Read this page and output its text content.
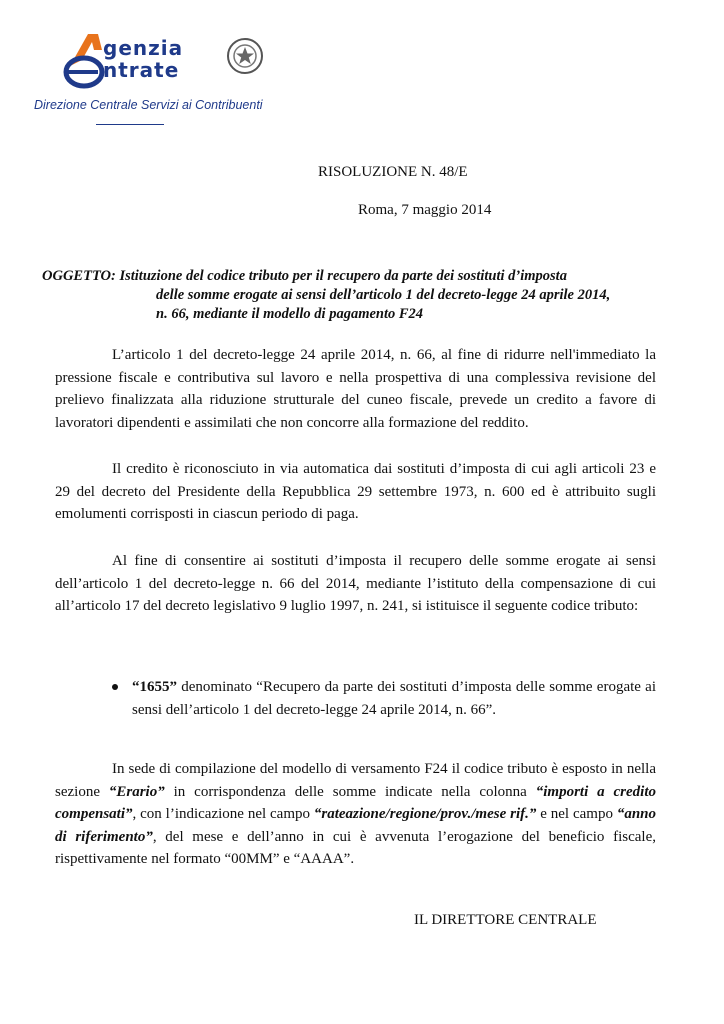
genzia
ntrate
Direzione Centrale Servizi ai Contribuenti
RISOLUZIONE N. 48/E
Roma, 7 maggio 2014
OGGETTO: Istituzione del codice tributo per il recupero da parte dei sostituti d’imposta
delle somme erogate ai sensi dell’articolo 1 del decreto-legge 24 aprile 2014,
n. 66, mediante il modello di pagamento F24
L’articolo 1 del decreto-legge 24 aprile 2014, n. 66, al fine di ridurre nell'immediato la pressione fiscale e contributiva sul lavoro e nella prospettiva di una complessiva revisione del prelievo finalizzata alla riduzione strutturale del cuneo fiscale, prevede un credito a favore di lavoratori dipendenti e assimilati che non concorre alla formazione del reddito.
Il credito è riconosciuto in via automatica dai sostituti d’imposta di cui agli articoli 23 e 29 del decreto del Presidente della Repubblica 29 settembre 1973, n. 600 ed è attribuito sugli emolumenti corrisposti in ciascun periodo di paga.
Al fine di consentire ai sostituti d’imposta il recupero delle somme erogate ai sensi dell’articolo 1 del decreto-legge n. 66 del 2014, mediante l’istituto della compensazione di cui all’articolo 17 del decreto legislativo 9 luglio 1997, n. 241, si istituisce il seguente codice tributo:
“1655” denominato “Recupero da parte dei sostituti d’imposta delle somme erogate ai sensi dell’articolo 1 del decreto-legge 24 aprile 2014, n. 66”.
In sede di compilazione del modello di versamento F24 il codice tributo è esposto in nella sezione “Erario” in corrispondenza delle somme indicate nella colonna “importi a credito compensati”, con l’indicazione nel campo “rateazione/regione/prov./mese rif.” e nel campo “anno di riferimento”, del mese e dell’anno in cui è avvenuta l’erogazione del beneficio fiscale, rispettivamente nel formato “00MM” e “AAAA”.
IL DIRETTORE CENTRALE
